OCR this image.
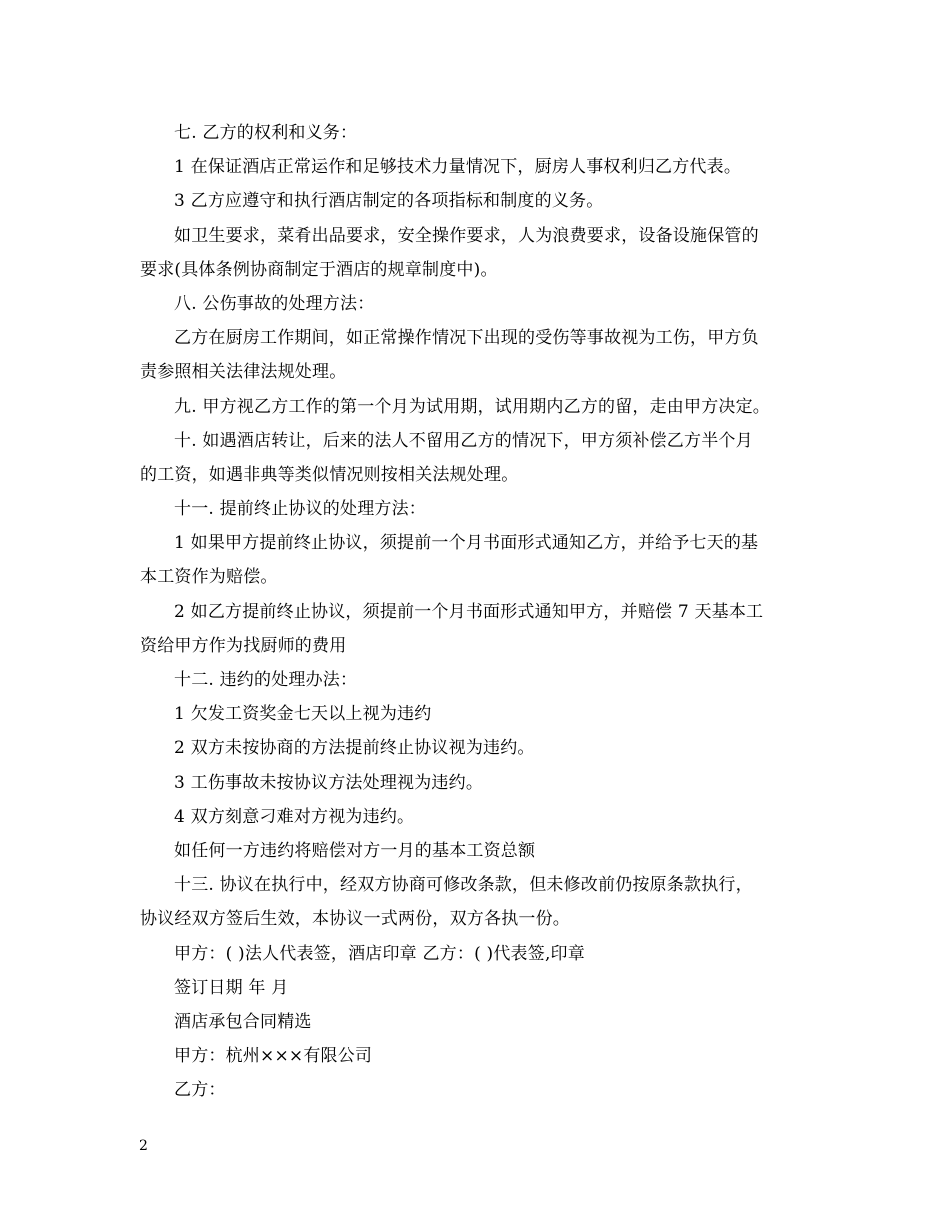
七. 乙方的权利和义务：
1 在保证酒店正常运作和足够技术力量情况下，厨房人事权利归乙方代表。
3 乙方应遵守和执行酒店制定的各项指标和制度的义务。
如卫生要求，菜肴出品要求，安全操作要求，人为浪费要求，设备设施保管的
要求(具体条例协商制定于酒店的规章制度中)。
八. 公伤事故的处理方法：
乙方在厨房工作期间，如正常操作情况下出现的受伤等事故视为工伤，甲方负
责参照相关法律法规处理。
九. 甲方视乙方工作的第一个月为试用期，试用期内乙方的留，走由甲方决定。
十. 如遇酒店转让，后来的法人不留用乙方的情况下，甲方须补偿乙方半个月
的工资，如遇非典等类似情况则按相关法规处理。
十一. 提前终止协议的处理方法：
1 如果甲方提前终止协议，须提前一个月书面形式通知乙方，并给予七天的基
本工资作为赔偿。
2 如乙方提前终止协议，须提前一个月书面形式通知甲方，并赔偿 7 天基本工
资给甲方作为找厨师的费用
十二. 违约的处理办法：
1 欠发工资奖金七天以上视为违约
2 双方未按协商的方法提前终止协议视为违约。
3 工伤事故未按协议方法处理视为违约。
4 双方刻意刁难对方视为违约。
如任何一方违约将赔偿对方一月的基本工资总额
十三. 协议在执行中，经双方协商可修改条款，但未修改前仍按原条款执行，
协议经双方签后生效，本协议一式两份，双方各执一份。
甲方：( )法人代表签，酒店印章 乙方：( )代表签,印章
签订日期 年 月
酒店承包合同精选
甲方：杭州×××有限公司
乙方：
2
